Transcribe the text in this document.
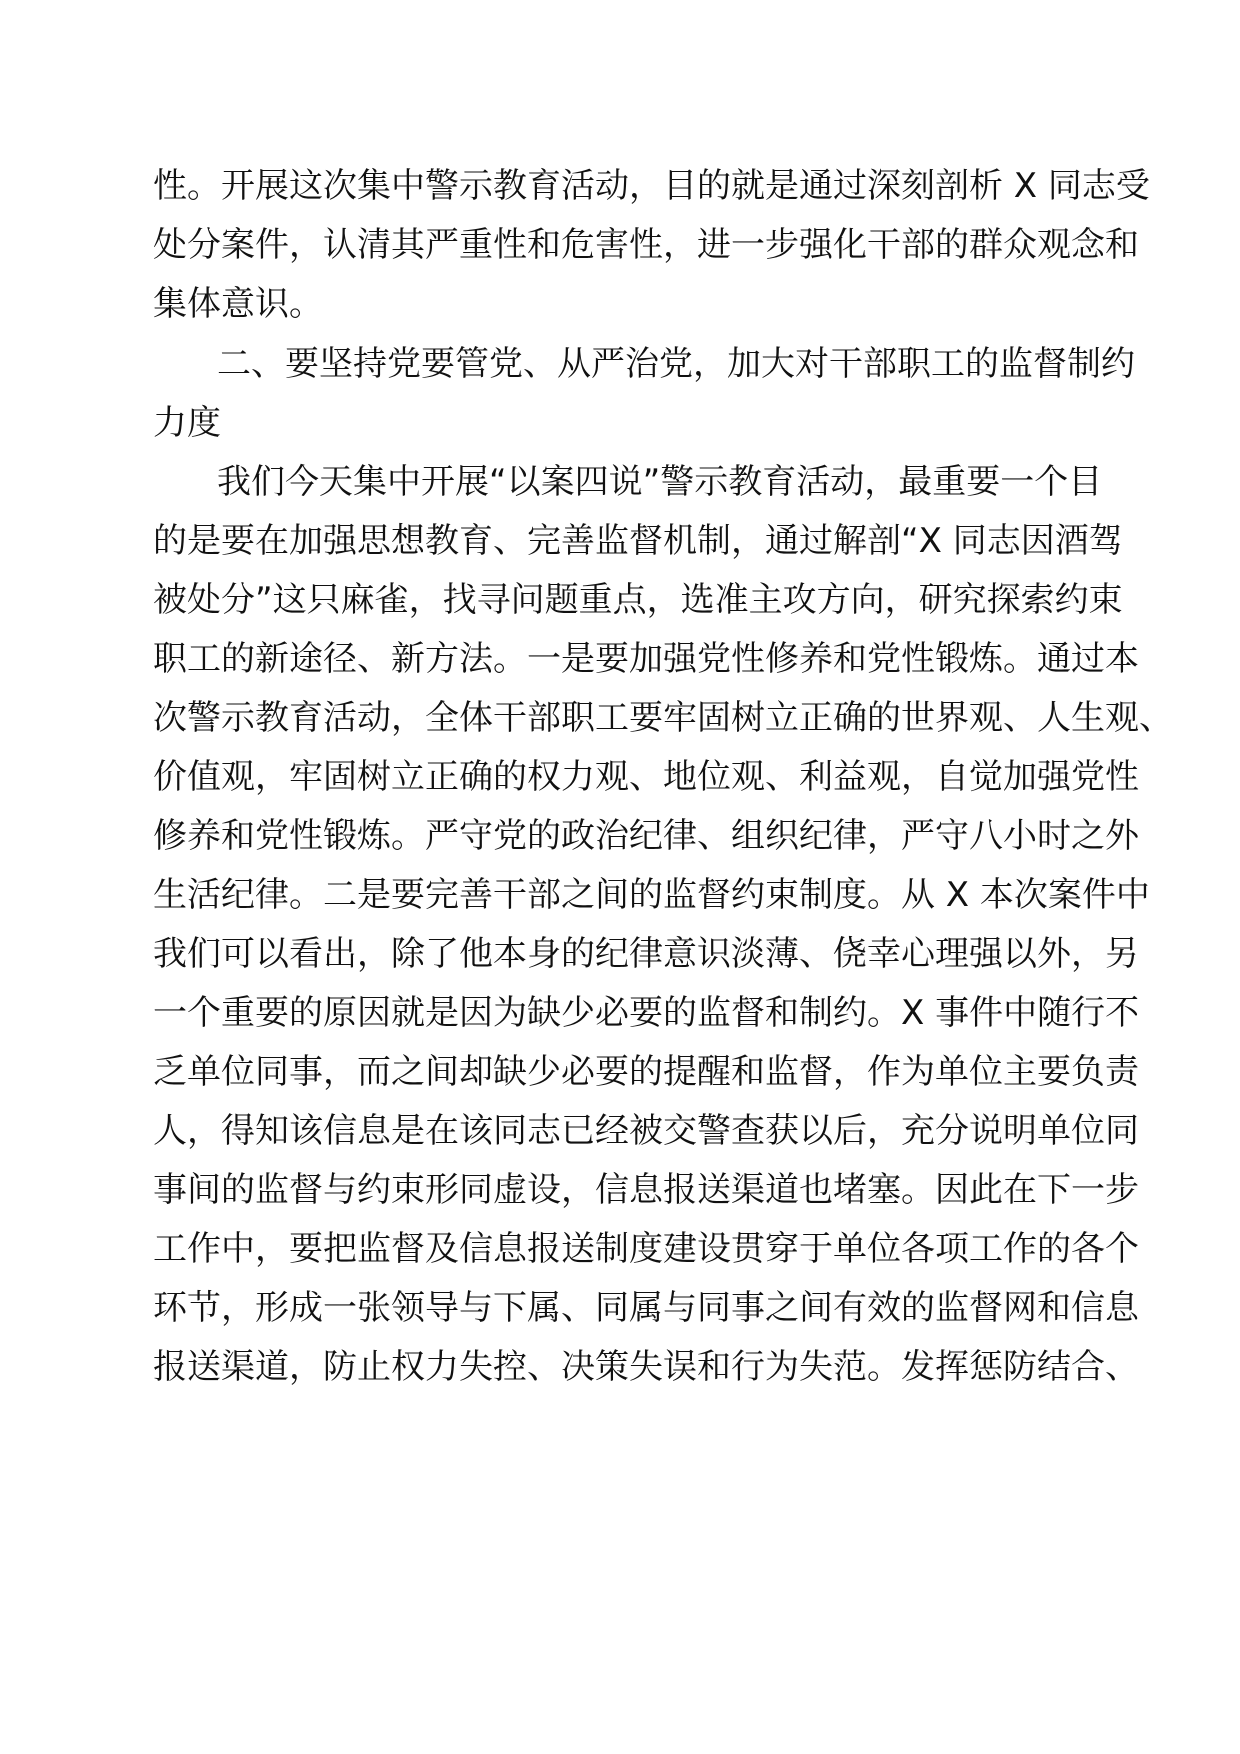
性。开展这次集中警示教育活动，目的就是通过深刻剖析 X 同志受

处分案件，认清其严重性和危害性，进一步强化干部的群众观念和

集体意识。

二、要坚持党要管党、从严治党，加大对干部职工的监督制约

力度

我们今天集中开展“以案四说”警示教育活动，最重要一个目

的是要在加强思想教育、完善监督机制，通过解剖“X 同志因酒驾

被处分”这只麻雀，找寻问题重点，选准主攻方向，研究探索约束

职工的新途径、新方法。一是要加强党性修养和党性锻炼。通过本

次警示教育活动，全体干部职工要牢固树立正确的世界观、人生观、

价值观，牢固树立正确的权力观、地位观、利益观，自觉加强党性

修养和党性锻炼。严守党的政治纪律、组织纪律，严守八小时之外

生活纪律。二是要完善干部之间的监督约束制度。从 X 本次案件中

我们可以看出，除了他本身的纪律意识淡薄、侥幸心理强以外，另

一个重要的原因就是因为缺少必要的监督和制约。X 事件中随行不

乏单位同事，而之间却缺少必要的提醒和监督，作为单位主要负责

人，得知该信息是在该同志已经被交警查获以后，充分说明单位同

事间的监督与约束形同虚设，信息报送渠道也堵塞。因此在下一步

工作中，要把监督及信息报送制度建设贯穿于单位各项工作的各个

环节，形成一张领导与下属、同属与同事之间有效的监督网和信息

报送渠道，防止权力失控、决策失误和行为失范。发挥惩防结合、
